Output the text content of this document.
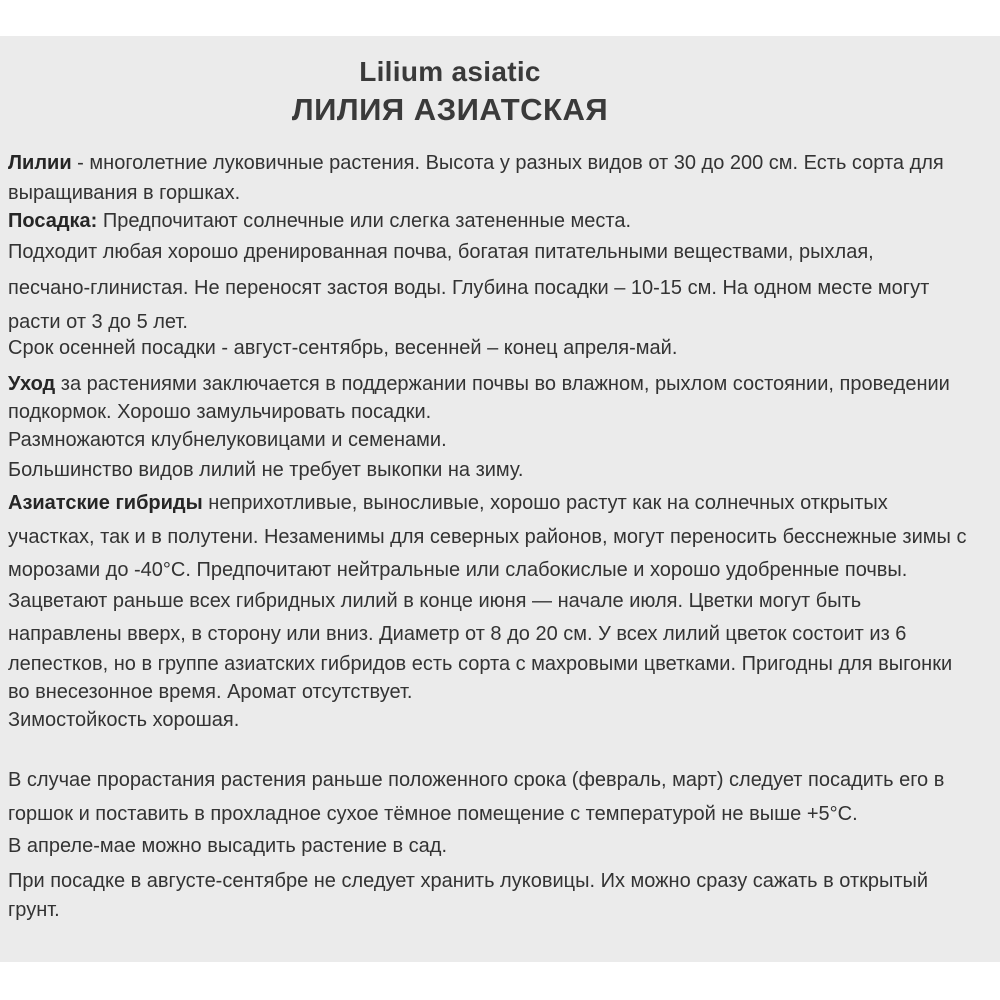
Lilium asiatic
ЛИЛИЯ АЗИАТСКАЯ
Лилии - многолетние луковичные растения. Высота у разных видов от 30 до 200 см. Есть сорта для
выращивания в горшках.
Посадка: Предпочитают солнечные или слегка затененные места.
Подходит любая хорошо дренированная почва, богатая питательными веществами, рыхлая,
песчано-глинистая. Не переносят застоя воды. Глубина посадки – 10-15 см. На одном месте могут
расти от 3 до 5 лет.
Срок осенней посадки - август-сентябрь, весенней – конец апреля-май.
Уход за растениями заключается в поддержании почвы во влажном, рыхлом состоянии, проведении
подкормок. Хорошо замульчировать посадки.
Размножаются клубнелуковицами и семенами.
Большинство видов лилий не требует выкопки на зиму.
Азиатские гибриды неприхотливые, выносливые, хорошо растут как на солнечных открытых
участках, так и в полутени. Незаменимы для северных районов, могут переносить бесснежные зимы с
морозами до -40°С. Предпочитают нейтральные или слабокислые и хорошо удобренные почвы.
Зацветают раньше всех гибридных лилий в конце июня — начале июля. Цветки могут быть
направлены вверх, в сторону или вниз. Диаметр от 8 до 20 см. У всех лилий цветок состоит из 6
лепестков, но в группе азиатских гибридов есть сорта с махровыми цветками. Пригодны для выгонки
во внесезонное время. Аромат отсутствует.
Зимостойкость хорошая.
В случае прорастания растения раньше положенного срока (февраль, март) следует посадить его в
горшок и поставить в прохладное сухое тёмное помещение с температурой не выше +5°С.
В апреле-мае можно высадить растение в сад.
При посадке в августе-сентябре не следует хранить луковицы. Их можно сразу сажать в открытый
грунт.
